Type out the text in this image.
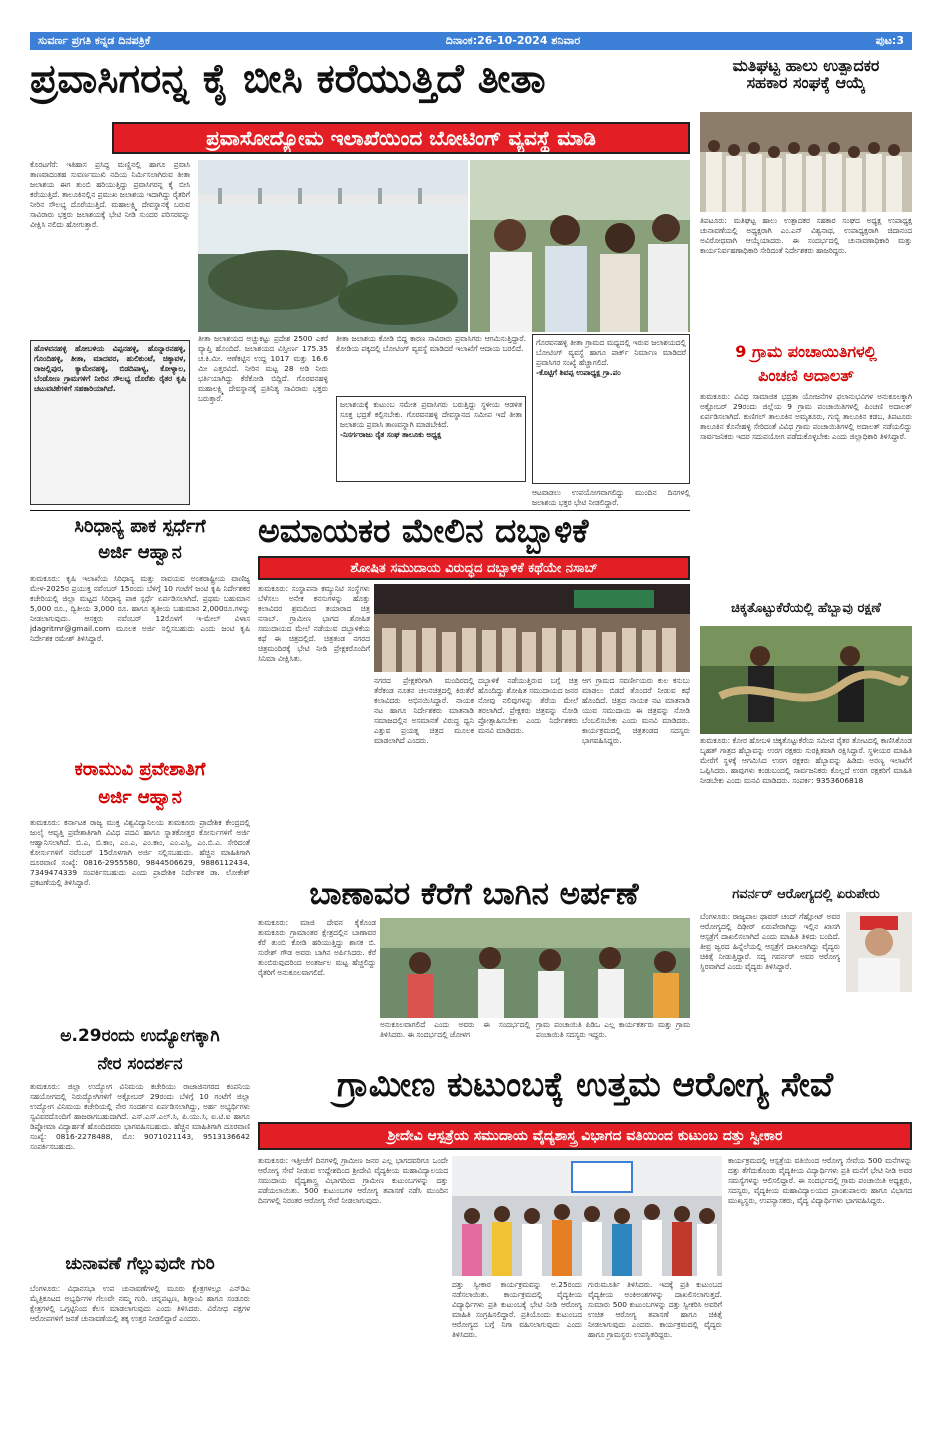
ಸುವರ್ಣ ಪ್ರಗತಿ ಕನ್ನಡ ದಿನಪತ್ರಿಕೆ	ದಿನಾಂಕ:26-10-2024 ಶನಿವಾರ	ಪುಟ:3
ಪ್ರವಾಸಿಗರನ್ನ ಕೈ ಬೀಸಿ ಕರೆಯುತ್ತಿದೆ ತೀತಾ
ಪ್ರವಾಸೋದ್ಯೋಮ ಇಲಾಖೆಯಿಂದ ಬೋಟಿಂಗ್ ವ್ಯವಸ್ಥೆ ಮಾಡಿ
ಕೊರಟಗೆರೆ: ಇತಿಹಾಸ ಪ್ರಸಿದ್ದ ಮಣ್ಣಿನಲ್ಲಿ ಹಾಗೂ ಪ್ರವಾಸಿ ತಾಣವಾದಂತಹ ಸುವರ್ಣಮುಖಿ ನದಿಯ ನಿರ್ಮಿಸಲಾಗಿರುವ ತೀತಾ ಜಲಾಶಯ ಈಗ ತುಂಬಿ ಹರಿಯುತ್ತಿದ್ದು ಪ್ರವಾಸಿಗರನ್ನ ಕೈ ಬೀಸಿ ಕರೆಯುತ್ತಿದೆ. ತಾಲೂಕಿನಲ್ಲಿನ ಪ್ರಮುಖ ಜಲಾಶಯ ಇದಾಗಿದ್ದು ರೈತರಿಗೆ ನೀರಿನ ಸೌಲಭ್ಯ ದೊರೆಯುತ್ತಿದೆ. ಮಹಾಲಕ್ಷ್ಮಿ ದೇವಸ್ಥಾನಕ್ಕೆ ಬರುವ ಸಾವಿರಾರು ಭಕ್ತರು ಜಲಾಶಯಕ್ಕೆ ಭೇಟಿ ನೀಡಿ ಸುಂದರ ಪರಿಸರವನ್ನು ವೀಕ್ಷಿಸಿ ನಲಿದು ಹೋಗುತ್ತಾರೆ.
ಹೊಳವನಹಳ್ಳಿ ಹೋಬಳಿಯ ವಿಪ್ಪನಹಳ್ಳಿ, ಹೊನ್ನಾರನಹಳ್ಳಿ, ಗೊಂದಿಹಳ್ಳಿ, ತೀತಾ, ಮಾದವರ, ಹುಲಿಕುಂಟೆ, ಚಿಕ್ಕಾವಳ, ರಾಜಲ್ಲಿಪುರ, ಕ್ಯಾಮೇನಹಳ್ಳಿ, ಬಿಡದಿಪಾಳ್ಯ, ಕೋಳ್ಯಾಲ, ಬೆಂಡೋಣ ಗ್ರಾಮಗಳಿಗೆ ನೀರಿನ ಸೌಲಭ್ಯ ದೊರೆತು ರೈತರ ಕೃಷಿ ಚಟುವಟಿಕೆಗಳಿಗೆ ಸಹಕಾರಿಯಾಗಿದೆ.
ತೀತಾ ಜಲಾಶಯದ ಅಚ್ಚುಕಟ್ಟು ಪ್ರದೇಶ 2500 ಎಕರೆ ವ್ಯಾಪ್ತಿ ಹೊಂದಿದೆ. ಜಲಾಶಯದ ವಿಸ್ತೀರ್ಣ 175.35 ಚ.ಕಿ.ಮೀ. ಆಣೆಕಟ್ಟಿನ ಉದ್ದ 1017 ಮತ್ತು 16.6 ಮೀ ಎತ್ತರವಿದೆ. ನೀರಿನ ಮಟ್ಟ 28 ಅಡಿ ನೀರು ಭರ್ತಿಯಾಗಿದ್ದು ಕೆರೆಕೋಡಿ ಬಿದ್ದಿದೆ. ಗೊರವನಹಳ್ಳಿ ಮಹಾಲಕ್ಷ್ಮಿ ದೇವಸ್ಥಾನಕ್ಕೆ ಪ್ರತಿನಿತ್ಯ ಸಾವಿರಾರು ಭಕ್ತರು ಬರುತ್ತಾರೆ.
ತೀತಾ ಜಲಾಶಯ ಕೋಡಿ ಬಿದ್ದ ಕಾರಣ ಸಾವಿರಾರು ಪ್ರವಾಸಿಗರು ಆಗಮಿಸುತ್ತಿದ್ದಾರೆ. ಕೋಡಿಯ ಪಕ್ಕದಲ್ಲಿ ಬೋಟಿಂಗ್ ವ್ಯವಸ್ಥೆ ಮಾಡಿದರೆ ಇಲಾಖೆಗೆ ಆದಾಯ ಬರಲಿದೆ.
ಜಲಾಶಯಕ್ಕೆ ಕುಟುಂಬ ಸಮೇತ ಪ್ರವಾಸಿಗರು ಬರುತ್ತಿದ್ದು ಸ್ಥಳೀಯ ಆಡಳಿತ ಸೂಕ್ತ ಭದ್ರತೆ ಕಲ್ಪಿಸಬೇಕು. ಗೊರವನಹಳ್ಳಿ ದೇವಸ್ಥಾನದ ಸಮೀಪ ಇದೆ ತೀತಾ ಜಲಾಶಯ ಪ್ರವಾಸಿ ತಾಣವನ್ನಾಗಿ ಮಾಡಬೇಕಿದೆ.
-ನಿಸರ್ಗರಾಜು ರೈತ ಸಂಘ ತಾಲೂಕು ಅಧ್ಯಕ್ಷ
ಗೊರವನಹಳ್ಳಿ ತೀತಾ ಗ್ರಾಮದ ಮಧ್ಯದಲ್ಲಿ ಇರುವ ಜಲಾಶಯದಲ್ಲಿ ಬೋಟಿಂಗ್ ವ್ಯವಸ್ಥೆ ಹಾಗೂ ಪಾರ್ಕ್ ನಿರ್ಮಾಣ ಮಾಡಿದರೆ ಪ್ರವಾಸಿಗರ ಸಂಖ್ಯೆ ಹೆಚ್ಚಾಗಲಿದೆ.
-ಕೊಟ್ಟಿಗೆ ಶಿವಪ್ಪ ಉಪಾಧ್ಯಕ್ಷ ಗ್ರಾ.ಪಂ
ಆಟವಾಡಲು ಉಪಯೋಗವಾಗಲಿದ್ದು ಮುಂದಿನ ದಿನಗಳಲ್ಲಿ ಜಲಾಶಯ ಭಕ್ತರ ಭೇಟಿ ನೀಡಲಿದ್ದಾರೆ.
ಮತಿಘಟ್ಟ ಹಾಲು ಉತ್ಪಾದಕರ
ಸಹಕಾರ ಸಂಘಕ್ಕೆ ಆಯ್ಕೆ
ತಿಪಟೂರು: ಮತಿಘಟ್ಟ ಹಾಲು ಉತ್ಪಾದಕರ ಸಹಕಾರ ಸಂಘದ ಅಧ್ಯಕ್ಷ ಉಪಾಧ್ಯಕ್ಷ ಚುನಾವಣೆಯಲ್ಲಿ ಅಧ್ಯಕ್ಷರಾಗಿ ಎಂ.ಎನ್ ವಿಶ್ವನಾಥ, ಉಪಾಧ್ಯಕ್ಷರಾಗಿ ಚಿದಾನಂದ ಅವಿರೋಧವಾಗಿ ಆಯ್ಕೆಯಾದರು. ಈ ಸಂದರ್ಭದಲ್ಲಿ ಚುನಾವಣಾಧಿಕಾರಿ ಮತ್ತು ಕಾರ್ಯನಿರ್ವಹಣಾಧಿಕಾರಿ ಸೇರಿದಂತೆ ನಿರ್ದೇಶಕರು ಹಾಜರಿದ್ದರು.
9 ಗ್ರಾಮ ಪಂಚಾಯಿತಿಗಳಲ್ಲಿ
ಪಿಂಚಣಿ ಅದಾಲತ್
ತುಮಕೂರು: ವಿವಿಧ ಸಾಮಾಜಿಕ ಭದ್ರತಾ ಯೋಜನೆಗಳ ಫಲಾನುಭವಿಗಳ ಅನುಕೂಲಕ್ಕಾಗಿ ಅಕ್ಟೋಬರ್ 29ರಂದು ಜಿಲ್ಲೆಯ 9 ಗ್ರಾಮ ಪಂಚಾಯಿತಿಗಳಲ್ಲಿ ಪಿಂಚಣಿ ಅದಾಲತ್ ಏರ್ಪಡಿಸಲಾಗಿದೆ. ಕುಣಿಗಲ್ ತಾಲೂಕಿನ ಅಮೃತೂರು, ಗುಬ್ಬಿ ತಾಲೂಕಿನ ಕಡಬ, ತಿಪಟೂರು ತಾಲೂಕಿನ ಕೊನೇಹಳ್ಳಿ ಸೇರಿದಂತೆ ವಿವಿಧ ಗ್ರಾಮ ಪಂಚಾಯಿತಿಗಳಲ್ಲಿ ಅದಾಲತ್ ನಡೆಯಲಿದ್ದು ಸಾರ್ವಜನಿಕರು ಇದರ ಸದುಪಯೋಗ ಪಡೆದುಕೊಳ್ಳಬೇಕು ಎಂದು ಜಿಲ್ಲಾಧಿಕಾರಿ ತಿಳಿಸಿದ್ದಾರೆ.
ಸಿರಿಧಾನ್ಯ ಪಾಕ ಸ್ಪರ್ಧೆಗೆ
ಅರ್ಜಿ ಆಹ್ವಾನ
ತುಮಕೂರು: ಕೃಷಿ ಇಲಾಖೆಯ ಸಿರಿಧಾನ್ಯ ಮತ್ತು ಸಾವಯವ ಅಂತರಾಷ್ಟ್ರೀಯ ವಾಣಿಜ್ಯ ಮೇಳ-2025ರ ಪ್ರಯುಕ್ತ ನವೆಂಬರ್ 15ರಂದು ಬೆಳಿಗ್ಗೆ 10 ಗಂಟೆಗೆ ಜಂಟಿ ಕೃಷಿ ನಿರ್ದೇಶಕರ ಕಚೇರಿಯಲ್ಲಿ ಜಿಲ್ಲಾ ಮಟ್ಟದ ಸಿರಿಧಾನ್ಯ ಪಾಕ ಸ್ಪರ್ಧೆ ಏರ್ಪಡಿಸಲಾಗಿದೆ. ಪ್ರಥಮ ಬಹುಮಾನ 5,000 ರೂ., ದ್ವಿತೀಯ 3,000 ರೂ. ಹಾಗೂ ತೃತೀಯ ಬಹುಮಾನ 2,000ರೂ.ಗಳನ್ನು ನೀಡಲಾಗುವುದು. ಆಸಕ್ತರು ನವೆಂಬರ್ 12ರೊಳಗೆ ಇ-ಮೇಲ್ ವಿಳಾಸ jdagritmr@gmail.com ಮೂಲಕ ಅರ್ಜಿ ಸಲ್ಲಿಸಬಹುದು ಎಂದು ಜಂಟಿ ಕೃಷಿ ನಿರ್ದೇಶಕ ರಮೇಶ್ ತಿಳಿಸಿದ್ದಾರೆ.
ಕರಾಮುವಿ ಪ್ರವೇಶಾತಿಗೆ
ಅರ್ಜಿ ಆಹ್ವಾನ
ತುಮಕೂರು: ಕರ್ನಾಟಕ ರಾಜ್ಯ ಮುಕ್ತ ವಿಶ್ವವಿದ್ಯಾನಿಲಯ ತುಮಕೂರು ಪ್ರಾದೇಶಿಕ ಕೇಂದ್ರದಲ್ಲಿ ಜುಲೈ ಆವೃತ್ತಿ ಪ್ರವೇಶಾತಿಗಾಗಿ ವಿವಿಧ ಪದವಿ ಹಾಗೂ ಸ್ನಾತಕೋತ್ತರ ಕೋರ್ಸುಗಳಿಗೆ ಅರ್ಜಿ ಆಹ್ವಾನಿಸಲಾಗಿದೆ. ಬಿ.ಎ, ಬಿ.ಕಾಂ, ಎಂ.ಎ, ಎಂ.ಕಾಂ, ಎಂ.ಎಸ್ಸಿ, ಎಂ.ಬಿ.ಎ. ಸೇರಿದಂತೆ ಕೋರ್ಸುಗಳಿಗೆ ನವೆಂಬರ್ 15ರೊಳಗಾಗಿ ಅರ್ಜಿ ಸಲ್ಲಿಸಬಹುದು. ಹೆಚ್ಚಿನ ಮಾಹಿತಿಗಾಗಿ ದೂರವಾಣಿ ಸಂಖ್ಯೆ: 0816-2955580, 9844506629, 9886112434, 7349474339 ಸಂಪರ್ಕಿಸಬಹುದು ಎಂದು ಪ್ರಾದೇಶಿಕ ನಿರ್ದೇಶಕ ಡಾ. ಲೋಕೇಶ್ ಪ್ರಕಟಣೆಯಲ್ಲಿ ತಿಳಿಸಿದ್ದಾರೆ.
ಅ.29ರಂದು ಉದ್ಯೋಗಕ್ಕಾಗಿ
ನೇರ ಸಂದರ್ಶನ
ತುಮಕೂರು: ಜಿಲ್ಲಾ ಉದ್ಯೋಗ ವಿನಿಮಯ ಕಚೇರಿಯು ರಾಜಾಜಿನಗರದ ಕಂಪನಿಯ ಸಹಯೋಗದಲ್ಲಿ ನಿರುದ್ಯೋಗಿಗಳಿಗೆ ಅಕ್ಟೋಬರ್ 29ರಂದು ಬೆಳಿಗ್ಗೆ 10 ಗಂಟೆಗೆ ಜಿಲ್ಲಾ ಉದ್ಯೋಗ ವಿನಿಮಯ ಕಚೇರಿಯಲ್ಲಿ ನೇರ ಸಂದರ್ಶನ ಏರ್ಪಡಿಸಲಾಗಿದ್ದು, ಅರ್ಹ ಅಭ್ಯರ್ಥಿಗಳು ಸ್ವವಿವರದೊಂದಿಗೆ ಹಾಜರಾಗಬಹುದಾಗಿದೆ. ಎಸ್.ಎಸ್.ಎಲ್.ಸಿ, ಪಿ.ಯು.ಸಿ, ಐ.ಟಿ.ಐ ಹಾಗೂ ಡಿಪ್ಲೋಮಾ ವಿದ್ಯಾರ್ಹತೆ ಹೊಂದಿದವರು ಭಾಗವಹಿಸಬಹುದು. ಹೆಚ್ಚಿನ ಮಾಹಿತಿಗಾಗಿ ದೂರವಾಣಿ ಸಂಖ್ಯೆ: 0816-2278488, ಮೊ: 9071021143, 9513136642 ಸಂಪರ್ಕಿಸಬಹುದು.
ಚುನಾವಣೆ ಗೆಲ್ಲುವುದೇ ಗುರಿ
ಬೆಂಗಳೂರು: ವಿಧಾನಸಭಾ ಉಪ ಚುನಾವಣೆಗಳಲ್ಲಿ ಮೂರು ಕ್ಷೇತ್ರಗಳಲ್ಲೂ ಎನ್‌ಡಿಎ ಮೈತ್ರಿಕೂಟದ ಅಭ್ಯರ್ಥಿಗಳ ಗೆಲುವೇ ನಮ್ಮ ಗುರಿ. ಚನ್ನಪಟ್ಟಣ, ಶಿಗ್ಗಾಂವಿ ಹಾಗೂ ಸಂಡೂರು ಕ್ಷೇತ್ರಗಳಲ್ಲಿ ಒಗ್ಗಟ್ಟಿನಿಂದ ಕೆಲಸ ಮಾಡಲಾಗುವುದು ಎಂದು ತಿಳಿಸಿದರು. ವಿರೋಧ ಪಕ್ಷಗಳ ಆರೋಪಗಳಿಗೆ ಜನತೆ ಚುನಾವಣೆಯಲ್ಲಿ ತಕ್ಕ ಉತ್ತರ ನೀಡಲಿದ್ದಾರೆ ಎಂದರು.
ಅಮಾಯಕರ ಮೇಲಿನ ದಬ್ಬಾಳಿಕೆ
ಶೋಷಿತ ಸಮುದಾಯ ವಿರುದ್ಧದ ದಬ್ಬಾಳಿಕೆ ಕಥೆಯೇ ನಸಾಬ್
ತುಮಕೂರು: ಸಂಸ್ಥಾಪನಾ ಕಮ್ಯುನಿಟಿ ಸಂಸ್ಥೆಗಳು ಬೆಳೆಸಲು ಅನೇಕ ಕನಸುಗಳನ್ನು ಹೊತ್ತು ಕಲಾವಿದರ ಶ್ರಮದಿಂದ ತಯಾರಾದ ಚಿತ್ರ ನಸಾಬ್. ಗ್ರಾಮೀಣ ಭಾಗದ ಶೋಷಿತ ಸಮುದಾಯದ ಮೇಲೆ ನಡೆಯುವ ದಬ್ಬಾಳಿಕೆಯ ಕಥೆ ಈ ಚಿತ್ರದಲ್ಲಿದೆ. ಚಿತ್ರತಂಡ ನಗರದ ಚಿತ್ರಮಂದಿರಕ್ಕೆ ಭೇಟಿ ನೀಡಿ ಪ್ರೇಕ್ಷಕರೊಂದಿಗೆ ಸಿನಿಮಾ ವೀಕ್ಷಿಸಿತು.
ನಗರದ ಪ್ರೇಕ್ಷಕರಿಗಾಗಿ ಮಂದಿರದಲ್ಲಿ ತೆರೆಕಂಡ ನೂತನ ಚಲನಚಿತ್ರದಲ್ಲಿ ಕಿರುತೆರೆ ಕಲಾವಿದರು ಅಭಿನಯಿಸಿದ್ದಾರೆ. ನಾಯಕ ನಟ ಹಾಗೂ ನಿರ್ದೇಶಕರು ಮಾತನಾಡಿ ಸಮಾಜದಲ್ಲಿನ ಅಸಮಾನತೆ ವಿರುದ್ಧ ಧ್ವನಿ ಎತ್ತುವ ಪ್ರಯತ್ನ ಚಿತ್ರದ ಮೂಲಕ ಮಾಡಲಾಗಿದೆ ಎಂದರು.
ದಬ್ಬಾಳಿಕೆ ನಡೆಯುತ್ತಿರುವ ಬಗ್ಗೆ ಚಿತ್ರ ಹೊಂದಿದ್ದು ಶೋಷಿತ ಸಮುದಾಯದ ಜನರ ನೋವು ನಲಿವುಗಳನ್ನು ತೆರೆಯ ಮೇಲೆ ತರಲಾಗಿದೆ. ಪ್ರೇಕ್ಷಕರು ಚಿತ್ರವನ್ನು ನೋಡಿ ಪ್ರೋತ್ಸಾಹಿಸಬೇಕು ಎಂದು ನಿರ್ದೇಶಕರು ಮನವಿ ಮಾಡಿದರು.
ಆಗ ಗ್ರಾಮದ ಸವರ್ಣೀಯರು ಕುಲ ಕಸುಬು ಮಾಡಲು ಬಿಡದೆ ತೊಂದರೆ ನೀಡುವ ಕಥೆ ಹೊಂದಿದೆ. ಚಿತ್ರದ ನಾಯಕ ನಟ ಮಾತನಾಡಿ ಯುವ ಸಮುದಾಯ ಈ ಚಿತ್ರವನ್ನು ನೋಡಿ ಬೆಂಬಲಿಸಬೇಕು ಎಂದು ಮನವಿ ಮಾಡಿದರು. ಕಾರ್ಯಕ್ರಮದಲ್ಲಿ ಚಿತ್ರತಂಡದ ಸದಸ್ಯರು ಭಾಗವಹಿಸಿದ್ದರು.
ಚಿಕ್ಕತೊಟ್ಟುಕೆರೆಯಲ್ಲಿ ಹೆಬ್ಬಾವು ರಕ್ಷಣೆ
ತುಮಕೂರು: ಕೋರ ಹೋಬಳಿ ಚಿಕ್ಕತೊಟ್ಟುಕೆರೆಯ ಸಮೀಪ ರೈತರ ತೋಟದಲ್ಲಿ ಕಾಣಿಸಿಕೊಂಡ ಬೃಹತ್ ಗಾತ್ರದ ಹೆಬ್ಬಾವನ್ನು ಉರಗ ರಕ್ಷಕರು ಸುರಕ್ಷಿತವಾಗಿ ರಕ್ಷಿಸಿದ್ದಾರೆ. ಸ್ಥಳೀಯರ ಮಾಹಿತಿ ಮೇರೆಗೆ ಸ್ಥಳಕ್ಕೆ ಆಗಮಿಸಿದ ಉರಗ ರಕ್ಷಕರು ಹೆಬ್ಬಾವನ್ನು ಹಿಡಿದು ಅರಣ್ಯ ಇಲಾಖೆಗೆ ಒಪ್ಪಿಸಿದರು. ಹಾವುಗಳು ಕಂಡುಬಂದಲ್ಲಿ ಸಾರ್ವಜನಿಕರು ಕೊಲ್ಲದೆ ಉರಗ ರಕ್ಷಕರಿಗೆ ಮಾಹಿತಿ ನೀಡಬೇಕು ಎಂದು ಮನವಿ ಮಾಡಿದರು. ಸಂಪರ್ಕ: 9353606818
ಗವರ್ನರ್ ಆರೋಗ್ಯದಲ್ಲಿ ಏರುಪೇರು
ಬೆಂಗಳೂರು: ರಾಜ್ಯಪಾಲ ಥಾವರ್ ಚಂದ್ ಗೆಹ್ಲೋಟ್ ಅವರ ಆರೋಗ್ಯದಲ್ಲಿ ದಿಢೀರ್ ಏರುಪೇರಾಗಿದ್ದು ಇಲ್ಲಿನ ಖಾಸಗಿ ಆಸ್ಪತ್ರೆಗೆ ದಾಖಲಿಸಲಾಗಿದೆ ಎಂದು ಮಾಹಿತಿ ತಿಳಿದು ಬಂದಿದೆ. ತೀವ್ರ ಜ್ವರದ ಹಿನ್ನೆಲೆಯಲ್ಲಿ ಆಸ್ಪತ್ರೆಗೆ ದಾಖಲಾಗಿದ್ದು ವೈದ್ಯರು ಚಿಕಿತ್ಸೆ ನೀಡುತ್ತಿದ್ದಾರೆ. ಸದ್ಯ ಗವರ್ನರ್ ಅವರ ಆರೋಗ್ಯ ಸ್ಥಿರವಾಗಿದೆ ಎಂದು ವೈದ್ಯರು ತಿಳಿಸಿದ್ದಾರೆ.
ಬಾಣಾವರ ಕೆರೆಗೆ ಬಾಗಿನ ಅರ್ಪಣೆ
ತುಮಕೂರು: ಮಾಜಿ ದೇವನ ಕೈಕೊಂಡ ತುಮಕೂರು ಗ್ರಾಮಾಂತರ ಕ್ಷೇತ್ರದಲ್ಲಿನ ಬಾಣಾವರ ಕೆರೆ ತುಂಬಿ ಕೋಡಿ ಹರಿಯುತ್ತಿದ್ದು ಶಾಸಕ ಬಿ. ಸುರೇಶ್ ಗೌಡ ಅವರು ಬಾಗಿನ ಅರ್ಪಿಸಿದರು. ಕೆರೆ ತುಂಬಿರುವುದರಿಂದ ಅಂತರ್ಜಲ ಮಟ್ಟ ಹೆಚ್ಚಲಿದ್ದು ರೈತರಿಗೆ ಅನುಕೂಲವಾಗಲಿದೆ.
ಅನುಕೂಲವಾಗಲಿದೆ ಎಂದು ಅವರು ಈ ಸಂದರ್ಭದಲ್ಲಿ ತಿಳಿಸಿದರು. ಈ ಸಂದರ್ಭದಲ್ಲಿ ಜೋಳಗ
ಗ್ರಾಮ ಪಂಚಾಯಿತಿ ಪಿಡಿಒ ಎಲ್ಲ ಕಾರ್ಯಕರ್ತರು ಮತ್ತು ಗ್ರಾಮ ಪಂಚಾಯಿತಿ ಸದಸ್ಯರು ಇದ್ದರು.
ಗ್ರಾಮೀಣ ಕುಟುಂಬಕ್ಕೆ ಉತ್ತಮ ಆರೋಗ್ಯ ಸೇವೆ
ಶ್ರೀದೇವಿ ಆಸ್ಪತ್ರೆಯ ಸಮುದಾಯ ವೈದ್ಯಶಾಸ್ತ್ರ ವಿಭಾಗದ ವತಿಯಿಂದ ಕುಟುಂಬ ದತ್ತು ಸ್ವೀಕಾರ
ತುಮಕೂರು: ಇತ್ತೀಚೆಗೆ ದಿನಗಳಲ್ಲಿ ಗ್ರಾಮೀಣ ಜನರ ಎಲ್ಲ ಭಾಗದವರಿಗೂ ಒಂದೇ ಆರೋಗ್ಯ ಸೇವೆ ನೀಡುವ ಉದ್ದೇಶದಿಂದ ಶ್ರೀದೇವಿ ವೈದ್ಯಕೀಯ ಮಹಾವಿದ್ಯಾಲಯದ ಸಮುದಾಯ ವೈದ್ಯಶಾಸ್ತ್ರ ವಿಭಾಗದಿಂದ ಗ್ರಾಮೀಣ ಕುಟುಂಬಗಳನ್ನು ದತ್ತು ಪಡೆಯಲಾಯಿತು. 500 ಕುಟುಂಬಗಳ ಆರೋಗ್ಯ ತಪಾಸಣೆ ನಡೆಸಿ ಮುಂದಿನ ದಿನಗಳಲ್ಲಿ ನಿರಂತರ ಆರೋಗ್ಯ ಸೇವೆ ನೀಡಲಾಗುವುದು.
ದತ್ತು ಸ್ವೀಕಾರ ಕಾರ್ಯಕ್ರಮವನ್ನು ಅ.25ರಂದು ನಡೆಸಲಾಯಿತು. ಕಾರ್ಯಕ್ರಮದಲ್ಲಿ ವೈದ್ಯಕೀಯ ವಿದ್ಯಾರ್ಥಿಗಳು ಪ್ರತಿ ಕುಟುಂಬಕ್ಕೆ ಭೇಟಿ ನೀಡಿ ಆರೋಗ್ಯ ಮಾಹಿತಿ ಸಂಗ್ರಹಿಸಲಿದ್ದಾರೆ. ಪ್ರತಿಯೊಂದು ಕುಟುಂಬದ ಆರೋಗ್ಯದ ಬಗ್ಗೆ ನಿಗಾ ವಹಿಸಲಾಗುವುದು ಎಂದು ತಿಳಿಸಿದರು.
ಗುರುಮೂರ್ತಿ ತಿಳಿಸಿದರು. ಇದಕ್ಕೆ ಪ್ರತಿ ಕುಟುಂಬದ ವೈದ್ಯಕೀಯ ಅಂಕಿಅಂಶಗಳನ್ನು ದಾಖಲಿಸಲಾಗುತ್ತದೆ. ಸುಮಾರು 500 ಕುಟುಂಬಗಳನ್ನು ದತ್ತು ಸ್ವೀಕರಿಸಿ ಅವರಿಗೆ ಉಚಿತ ಆರೋಗ್ಯ ತಪಾಸಣೆ ಹಾಗೂ ಚಿಕಿತ್ಸೆ ನೀಡಲಾಗುವುದು ಎಂದರು. ಕಾರ್ಯಕ್ರಮದಲ್ಲಿ ವೈದ್ಯರು ಹಾಗೂ ಗ್ರಾಮಸ್ಥರು ಉಪಸ್ಥಿತರಿದ್ದರು.
ಕಾರ್ಯಕ್ರಮದಲ್ಲಿ ಆಸ್ಪತ್ರೆಯ ವತಿಯಿಂದ ಆರೋಗ್ಯ ಸೇವೆಯ 500 ಮನೆಗಳನ್ನು ದತ್ತು ತೆಗೆದುಕೊಂಡು ವೈದ್ಯಕೀಯ ವಿದ್ಯಾರ್ಥಿಗಳು ಪ್ರತಿ ಮನೆಗೆ ಭೇಟಿ ನೀಡಿ ಅವರ ಸಮಸ್ಯೆಗಳನ್ನು ಆಲಿಸಲಿದ್ದಾರೆ. ಈ ಸಂದರ್ಭದಲ್ಲಿ ಗ್ರಾಮ ಪಂಚಾಯಿತಿ ಅಧ್ಯಕ್ಷರು, ಸದಸ್ಯರು, ವೈದ್ಯಕೀಯ ಮಹಾವಿದ್ಯಾಲಯದ ಪ್ರಾಂಶುಪಾಲರು ಹಾಗೂ ವಿಭಾಗದ ಮುಖ್ಯಸ್ಥರು, ಉಪನ್ಯಾಸಕರು, ವೈದ್ಯ ವಿದ್ಯಾರ್ಥಿಗಳು ಭಾಗವಹಿಸಿದ್ದರು.
